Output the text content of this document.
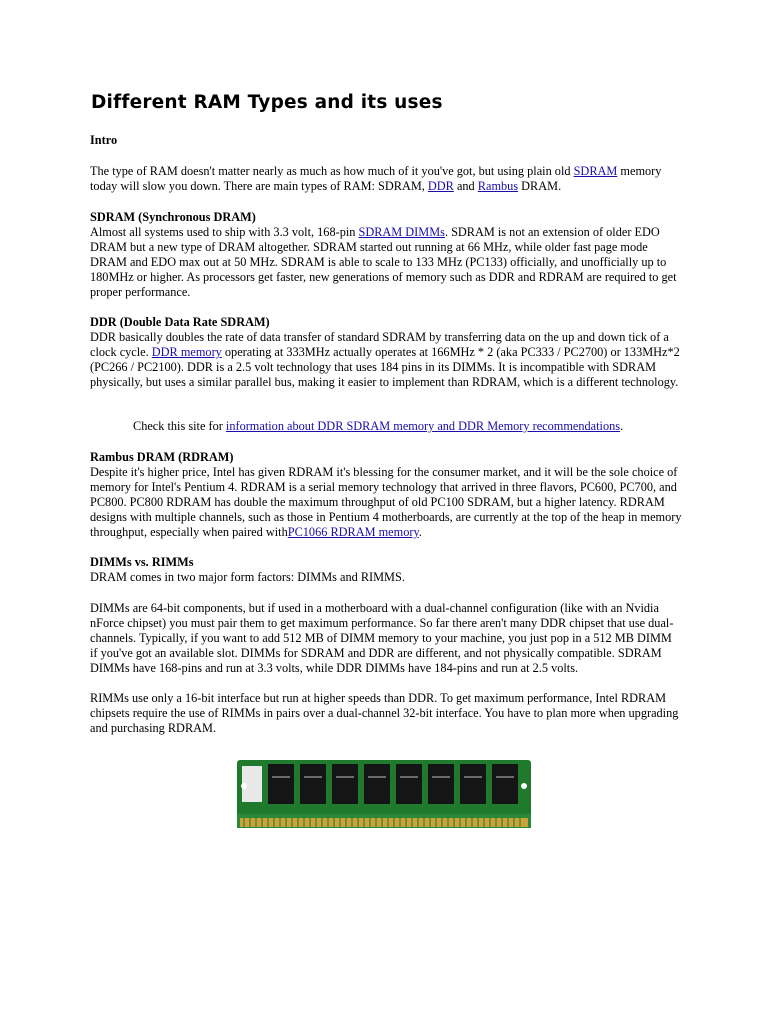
Different RAM Types and its uses

Intro

The type of RAM doesn't matter nearly as much as how much of it you've got, but using plain old SDRAM memory today will slow you down. There are main types of RAM: SDRAM, DDR and Rambus DRAM.

SDRAM (Synchronous DRAM)

Almost all systems used to ship with 3.3 volt, 168-pin SDRAM DIMMs. SDRAM is not an extension of older EDO DRAM but a new type of DRAM altogether. SDRAM started out running at 66 MHz, while older fast page mode DRAM and EDO max out at 50 MHz. SDRAM is able to scale to 133 MHz (PC133) officially, and unofficially up to 180MHz or higher. As processors get faster, new generations of memory such as DDR and RDRAM are required to get proper performance.

DDR (Double Data Rate SDRAM)

DDR basically doubles the rate of data transfer of standard SDRAM by transferring data on the up and down tick of a clock cycle. DDR memory operating at 333MHz actually operates at 166MHz * 2 (aka PC333 / PC2700) or 133MHz*2 (PC266 / PC2100). DDR is a 2.5 volt technology that uses 184 pins in its DIMMs. It is incompatible with SDRAM physically, but uses a similar parallel bus, making it easier to implement than RDRAM, which is a different technology.

Check this site for information about DDR SDRAM memory and DDR Memory recommendations.

Rambus DRAM (RDRAM)

Despite it's higher price, Intel has given RDRAM it's blessing for the consumer market, and it will be the sole choice of memory for Intel's Pentium 4. RDRAM is a serial memory technology that arrived in three flavors, PC600, PC700, and PC800. PC800 RDRAM has double the maximum throughput of old PC100 SDRAM, but a higher latency. RDRAM designs with multiple channels, such as those in Pentium 4 motherboards, are currently at the top of the heap in memory throughput, especially when paired withPC1066 RDRAM memory.

DIMMs vs. RIMMs

DRAM comes in two major form factors: DIMMs and RIMMS.

DIMMs are 64-bit components, but if used in a motherboard with a dual-channel configuration (like with an Nvidia nForce chipset) you must pair them to get maximum performance. So far there aren't many DDR chipset that use dual-channels. Typically, if you want to add 512 MB of DIMM memory to your machine, you just pop in a 512 MB DIMM if you've got an available slot. DIMMs for SDRAM and DDR are different, and not physically compatible. SDRAM DIMMs have 168-pins and run at 3.3 volts, while DDR DIMMs have 184-pins and run at 2.5 volts.

RIMMs use only a 16-bit interface but run at higher speeds than DDR. To get maximum performance, Intel RDRAM chipsets require the use of RIMMs in pairs over a dual-channel 32-bit interface. You have to plan more when upgrading and purchasing RDRAM.
